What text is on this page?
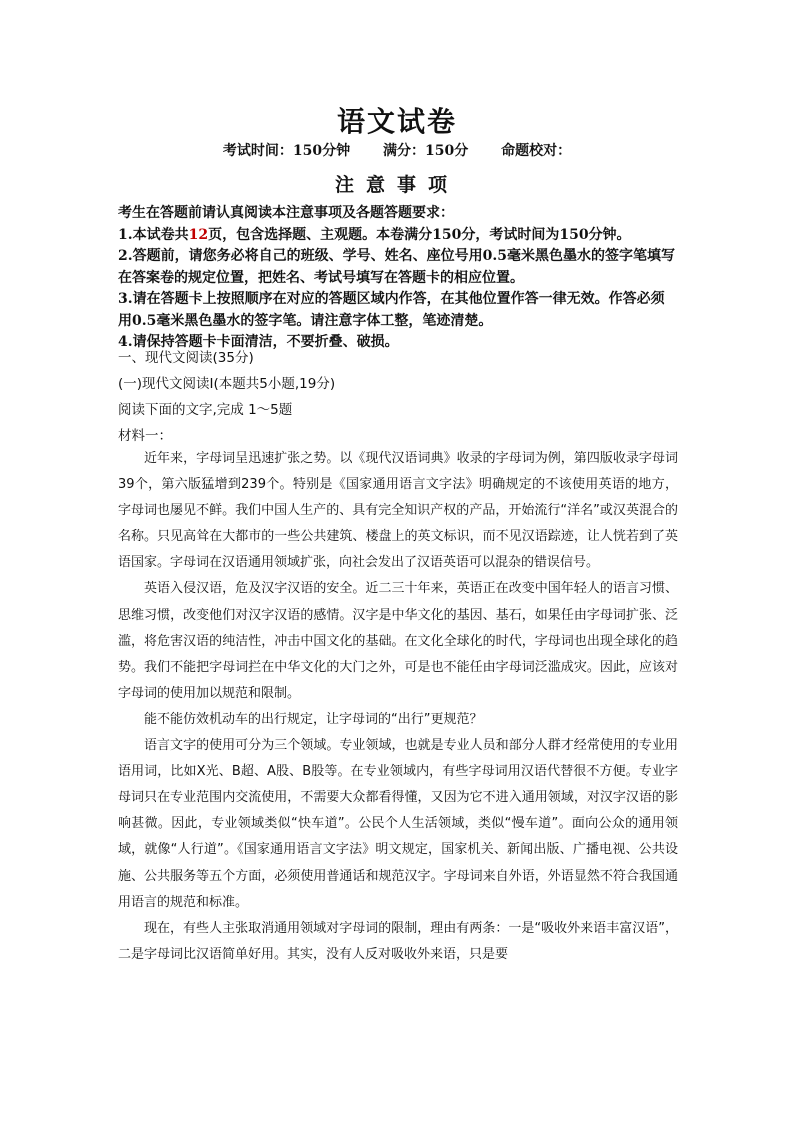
语文试卷
考试时间：150分钟 满分：150分 命题校对：
注意事项

考生在答题前请认真阅读本注意事项及各题答题要求：

1.本试卷共12页，包含选择题、主观题。本卷满分150分，考试时间为150分钟。

2.答题前，请您务必将自己的班级、学号、姓名、座位号用0.5毫米黑色墨水的签字笔填写在答案卷的规定位置，把姓名、考试号填写在答题卡的相应位置。

3.请在答题卡上按照顺序在对应的答题区域内作答，在其他位置作答一律无效。作答必须用0.5毫米黑色墨水的签字笔。请注意字体工整，笔迹清楚。

4.请保持答题卡卡面清洁，不要折叠、破损。

一、现代文阅读(35分)
(一)现代文阅读Ⅰ(本题共5小题,19分)
阅读下面的文字,完成 1～5题
材料一：

近年来，字母词呈迅速扩张之势。以《现代汉语词典》收录的字母词为例，第四版收录字母词39个，第六版猛增到239个。特别是《国家通用语言文字法》明确规定的不该使用英语的地方，字母词也屡见不鲜。我们中国人生产的、具有完全知识产权的产品，开始流行“洋名”或汉英混合的名称。只见高耸在大都市的一些公共建筑、楼盘上的英文标识，而不见汉语踪迹，让人恍若到了英语国家。字母词在汉语通用领域扩张，向社会发出了汉语英语可以混杂的错误信号。

英语入侵汉语，危及汉字汉语的安全。近二三十年来，英语正在改变中国年轻人的语言习惯、思维习惯，改变他们对汉字汉语的感情。汉字是中华文化的基因、基石，如果任由字母词扩张、泛滥，将危害汉语的纯洁性，冲击中国文化的基础。在文化全球化的时代，字母词也出现全球化的趋势。我们不能把字母词拦在中华文化的大门之外，可是也不能任由字母词泛滥成灾。因此，应该对字母词的使用加以规范和限制。

能不能仿效机动车的出行规定，让字母词的“出行”更规范？

语言文字的使用可分为三个领域。专业领域，也就是专业人员和部分人群才经常使用的专业用语用词，比如X光、B超、A股、B股等。在专业领域内，有些字母词用汉语代替很不方便。专业字母词只在专业范围内交流使用，不需要大众都看得懂，又因为它不进入通用领域，对汉字汉语的影响甚微。因此，专业领域类似“快车道”。公民个人生活领域，类似“慢车道”。面向公众的通用领域，就像“人行道”。《国家通用语言文字法》明文规定，国家机关、新闻出版、广播电视、公共设施、公共服务等五个方面，必须使用普通话和规范汉字。字母词来自外语，外语显然不符合我国通用语言的规范和标准。

现在，有些人主张取消通用领域对字母词的限制，理由有两条：一是“吸收外来语丰富汉语”，二是字母词比汉语简单好用。其实，没有人反对吸收外来语，只是要
